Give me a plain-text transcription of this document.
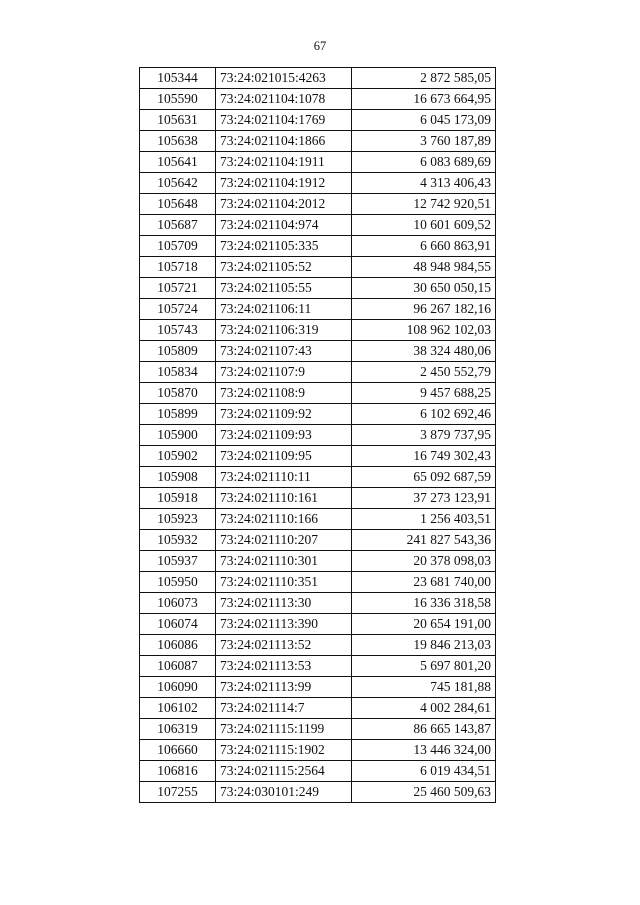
67
105344	73:24:021015:4263	2 872 585,05
105590	73:24:021104:1078	16 673 664,95
105631	73:24:021104:1769	6 045 173,09
105638	73:24:021104:1866	3 760 187,89
105641	73:24:021104:1911	6 083 689,69
105642	73:24:021104:1912	4 313 406,43
105648	73:24:021104:2012	12 742 920,51
105687	73:24:021104:974	10 601 609,52
105709	73:24:021105:335	6 660 863,91
105718	73:24:021105:52	48 948 984,55
105721	73:24:021105:55	30 650 050,15
105724	73:24:021106:11	96 267 182,16
105743	73:24:021106:319	108 962 102,03
105809	73:24:021107:43	38 324 480,06
105834	73:24:021107:9	2 450 552,79
105870	73:24:021108:9	9 457 688,25
105899	73:24:021109:92	6 102 692,46
105900	73:24:021109:93	3 879 737,95
105902	73:24:021109:95	16 749 302,43
105908	73:24:021110:11	65 092 687,59
105918	73:24:021110:161	37 273 123,91
105923	73:24:021110:166	1 256 403,51
105932	73:24:021110:207	241 827 543,36
105937	73:24:021110:301	20 378 098,03
105950	73:24:021110:351	23 681 740,00
106073	73:24:021113:30	16 336 318,58
106074	73:24:021113:390	20 654 191,00
106086	73:24:021113:52	19 846 213,03
106087	73:24:021113:53	5 697 801,20
106090	73:24:021113:99	745 181,88
106102	73:24:021114:7	4 002 284,61
106319	73:24:021115:1199	86 665 143,87
106660	73:24:021115:1902	13 446 324,00
106816	73:24:021115:2564	6 019 434,51
107255	73:24:030101:249	25 460 509,63
